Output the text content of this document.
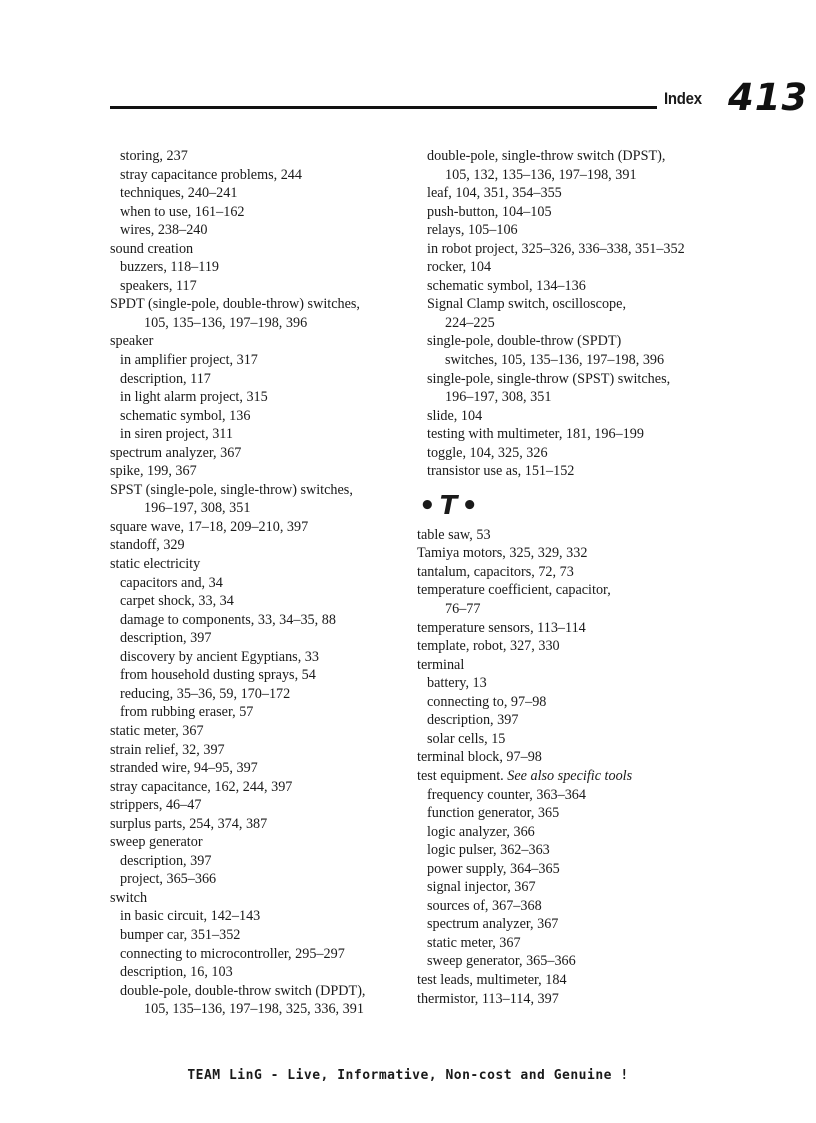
Index 413
storing, 237
stray capacitance problems, 244
techniques, 240–241
when to use, 161–162
wires, 238–240
sound creation
buzzers, 118–119
speakers, 117
SPDT (single-pole, double-throw) switches,
105, 135–136, 197–198, 396
speaker
in amplifier project, 317
description, 117
in light alarm project, 315
schematic symbol, 136
in siren project, 311
spectrum analyzer, 367
spike, 199, 367
SPST (single-pole, single-throw) switches,
196–197, 308, 351
square wave, 17–18, 209–210, 397
standoff, 329
static electricity
capacitors and, 34
carpet shock, 33, 34
damage to components, 33, 34–35, 88
description, 397
discovery by ancient Egyptians, 33
from household dusting sprays, 54
reducing, 35–36, 59, 170–172
from rubbing eraser, 57
static meter, 367
strain relief, 32, 397
stranded wire, 94–95, 397
stray capacitance, 162, 244, 397
strippers, 46–47
surplus parts, 254, 374, 387
sweep generator
description, 397
project, 365–366
switch
in basic circuit, 142–143
bumper car, 351–352
connecting to microcontroller, 295–297
description, 16, 103
double-pole, double-throw switch (DPDT),
105, 135–136, 197–198, 325, 336, 391
double-pole, single-throw switch (DPST),
105, 132, 135–136, 197–198, 391
leaf, 104, 351, 354–355
push-button, 104–105
relays, 105–106
in robot project, 325–326, 336–338, 351–352
rocker, 104
schematic symbol, 134–136
Signal Clamp switch, oscilloscope,
224–225
single-pole, double-throw (SPDT)
switches, 105, 135–136, 197–198, 396
single-pole, single-throw (SPST) switches,
196–197, 308, 351
slide, 104
testing with multimeter, 181, 196–199
toggle, 104, 325, 326
transistor use as, 151–152
• T •
table saw, 53
Tamiya motors, 325, 329, 332
tantalum, capacitors, 72, 73
temperature coefficient, capacitor,
76–77
temperature sensors, 113–114
template, robot, 327, 330
terminal
battery, 13
connecting to, 97–98
description, 397
solar cells, 15
terminal block, 97–98
test equipment. See also specific tools
frequency counter, 363–364
function generator, 365
logic analyzer, 366
logic pulser, 362–363
power supply, 364–365
signal injector, 367
sources of, 367–368
spectrum analyzer, 367
static meter, 367
sweep generator, 365–366
test leads, multimeter, 184
thermistor, 113–114, 397
TEAM LinG - Live, Informative, Non-cost and Genuine !
